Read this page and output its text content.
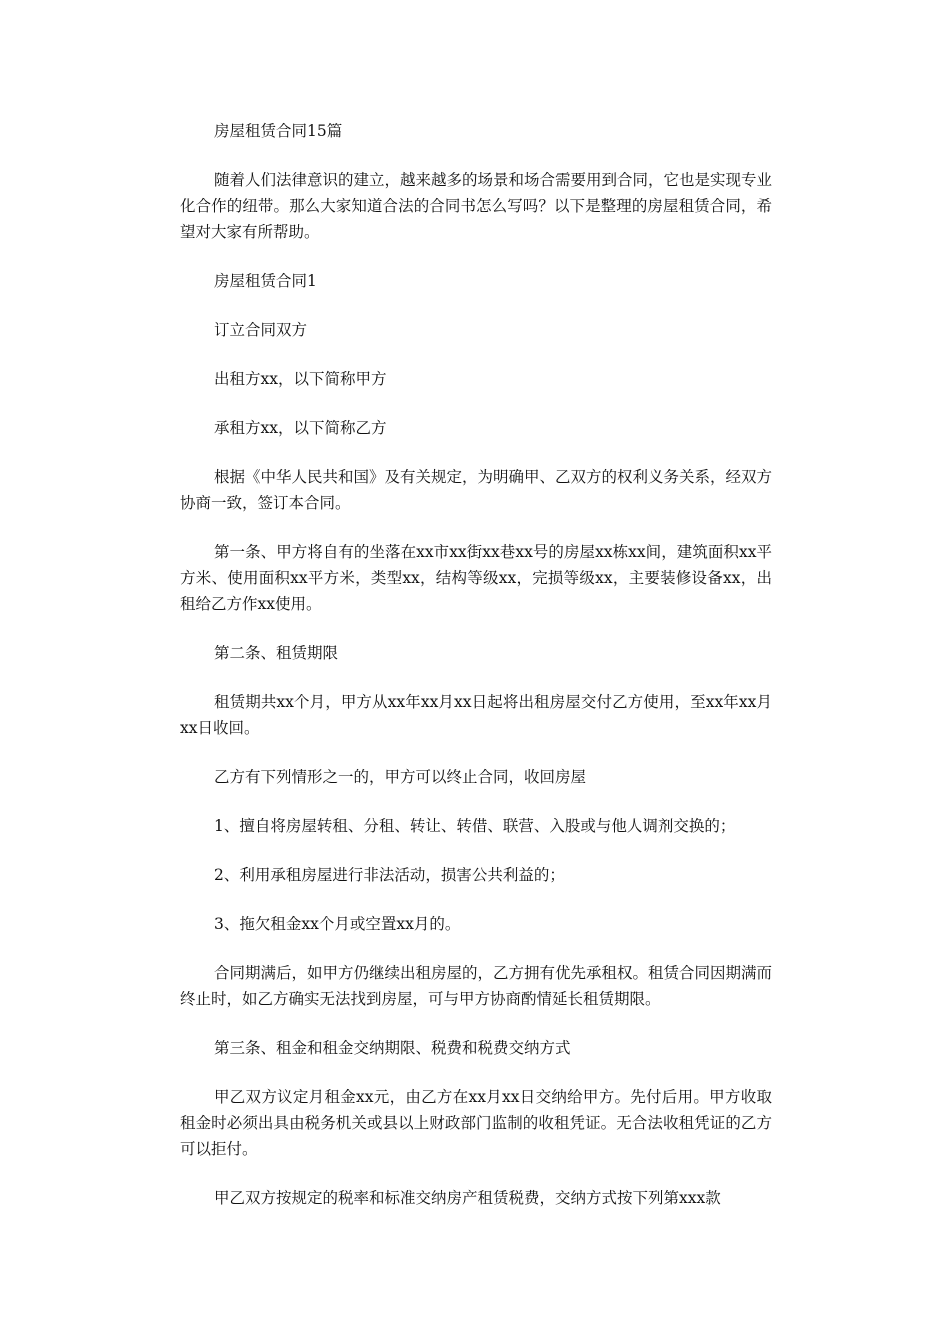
房屋租赁合同15篇

随着人们法律意识的建立，越来越多的场景和场合需要用到合同，它也是实现专业化合作的纽带。那么大家知道合法的合同书怎么写吗？以下是整理的房屋租赁合同，希望对大家有所帮助。

房屋租赁合同1

订立合同双方

出租方xx，以下简称甲方

承租方xx，以下简称乙方

根据《中华人民共和国》及有关规定，为明确甲、乙双方的权利义务关系，经双方协商一致，签订本合同。

第一条、甲方将自有的坐落在xx市xx街xx巷xx号的房屋xx栋xx间，建筑面积xx平方米、使用面积xx平方米，类型xx，结构等级xx，完损等级xx，主要装修设备xx，出租给乙方作xx使用。

第二条、租赁期限

租赁期共xx个月，甲方从xx年xx月xx日起将出租房屋交付乙方使用，至xx年xx月xx日收回。

乙方有下列情形之一的，甲方可以终止合同，收回房屋

1、擅自将房屋转租、分租、转让、转借、联营、入股或与他人调剂交换的；

2、利用承租房屋进行非法活动，损害公共利益的；

3、拖欠租金xx个月或空置xx月的。

合同期满后，如甲方仍继续出租房屋的，乙方拥有优先承租权。租赁合同因期满而终止时，如乙方确实无法找到房屋，可与甲方协商酌情延长租赁期限。

第三条、租金和租金交纳期限、税费和税费交纳方式

甲乙双方议定月租金xx元，由乙方在xx月xx日交纳给甲方。先付后用。甲方收取租金时必须出具由税务机关或县以上财政部门监制的收租凭证。无合法收租凭证的乙方可以拒付。

甲乙双方按规定的税率和标准交纳房产租赁税费，交纳方式按下列第xxx款
